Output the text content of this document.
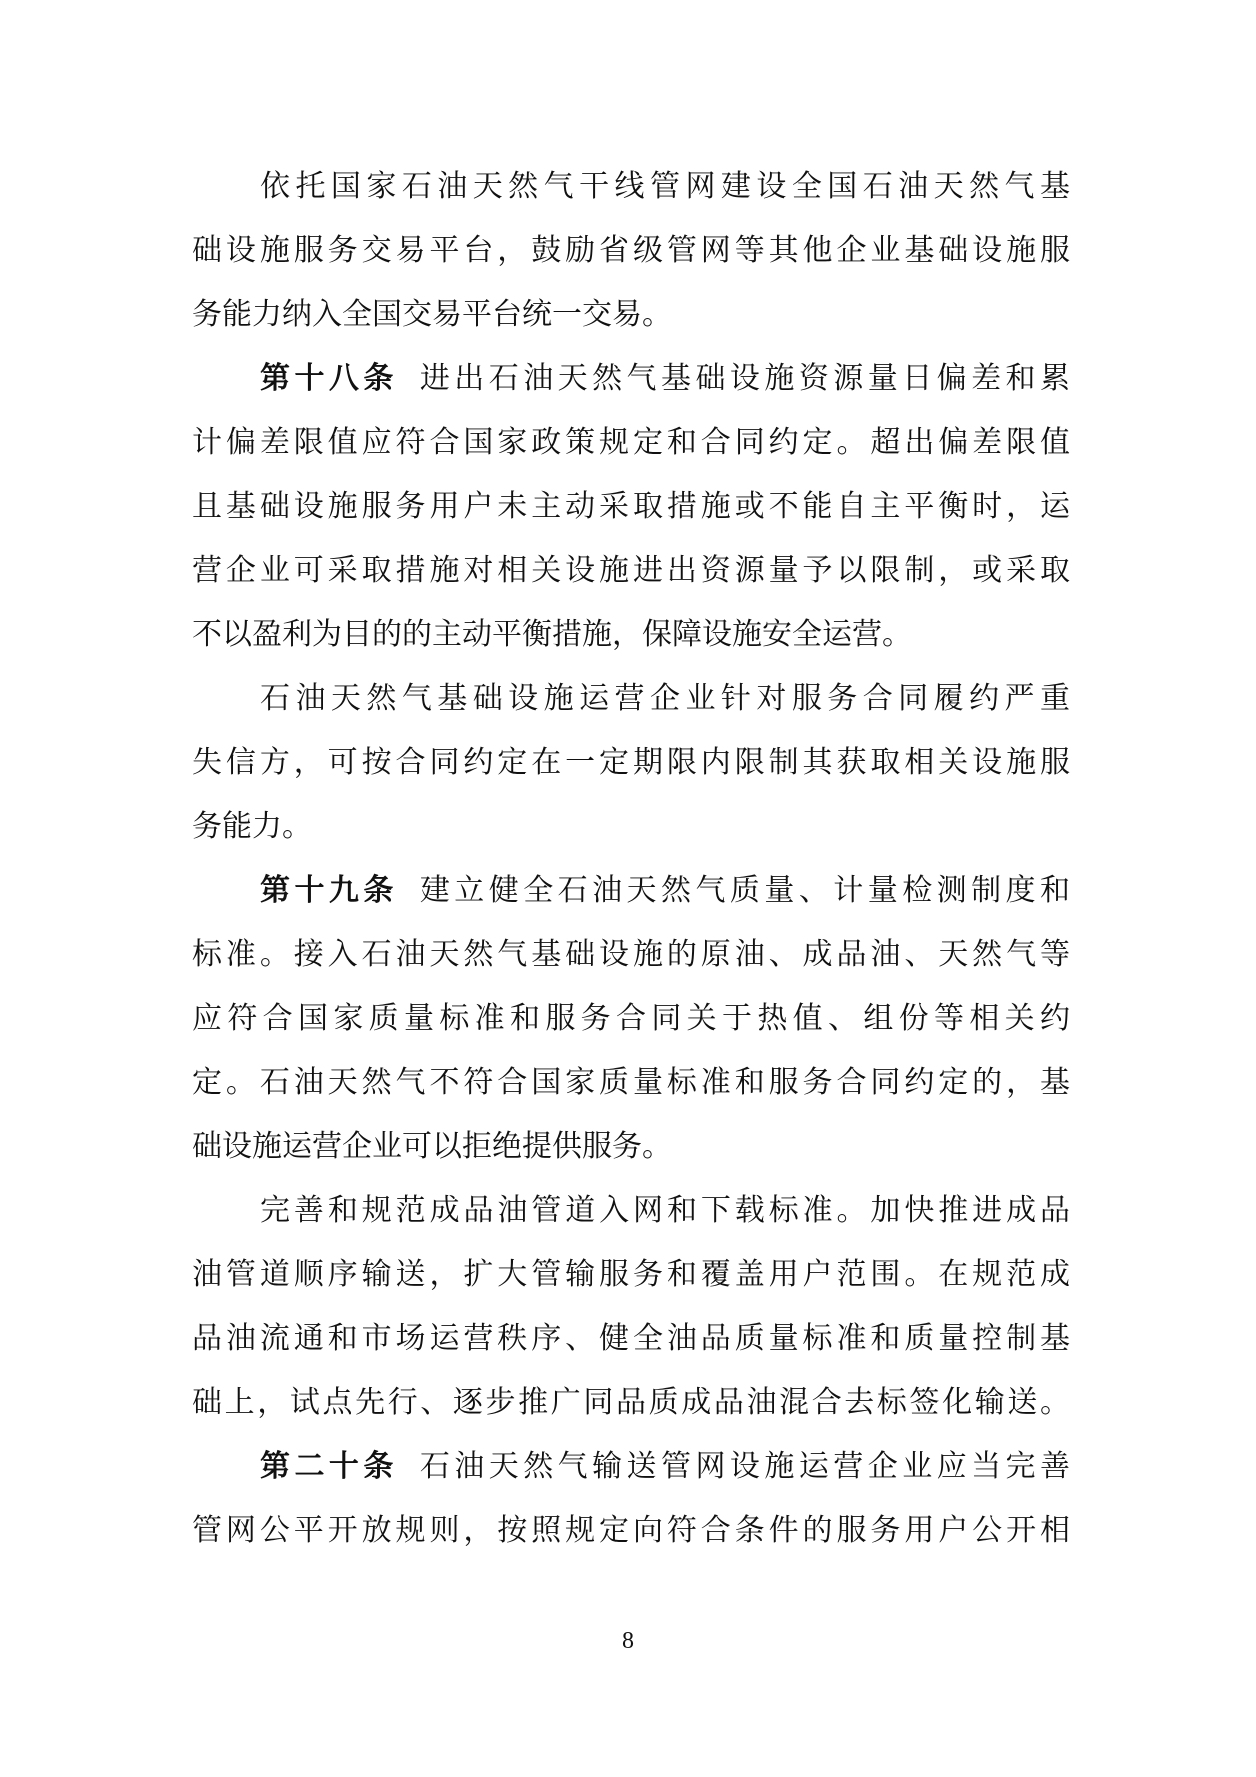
依托国家石油天然气干线管网建设全国石油天然气基
础设施服务交易平台，鼓励省级管网等其他企业基础设施服
务能力纳入全国交易平台统一交易。
第十八条 进出石油天然气基础设施资源量日偏差和累
计偏差限值应符合国家政策规定和合同约定。超出偏差限值
且基础设施服务用户未主动采取措施或不能自主平衡时，运
营企业可采取措施对相关设施进出资源量予以限制，或采取
不以盈利为目的的主动平衡措施，保障设施安全运营。
石油天然气基础设施运营企业针对服务合同履约严重
失信方，可按合同约定在一定期限内限制其获取相关设施服
务能力。
第十九条 建立健全石油天然气质量、计量检测制度和
标准。接入石油天然气基础设施的原油、成品油、天然气等
应符合国家质量标准和服务合同关于热值、组份等相关约
定。石油天然气不符合国家质量标准和服务合同约定的，基
础设施运营企业可以拒绝提供服务。
完善和规范成品油管道入网和下载标准。加快推进成品
油管道顺序输送，扩大管输服务和覆盖用户范围。在规范成
品油流通和市场运营秩序、健全油品质量标准和质量控制基
础上，试点先行、逐步推广同品质成品油混合去标签化输送。
第二十条 石油天然气输送管网设施运营企业应当完善
管网公平开放规则，按照规定向符合条件的服务用户公开相
8
